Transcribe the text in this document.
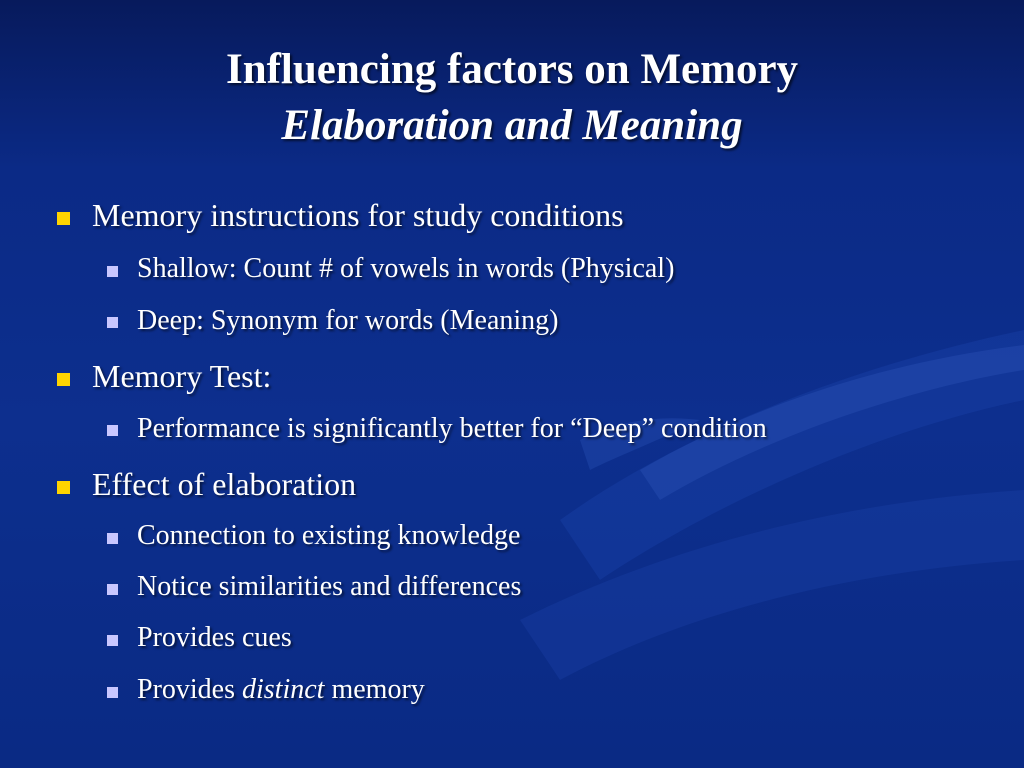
Influencing factors on Memory
Elaboration and Meaning
Memory instructions for study conditions
Shallow: Count # of vowels in words (Physical)
Deep: Synonym for words (Meaning)
Memory Test:
Performance is significantly better for “Deep” condition
Effect of elaboration
Connection to existing knowledge
Notice similarities and differences
Provides cues
Provides distinct memory
